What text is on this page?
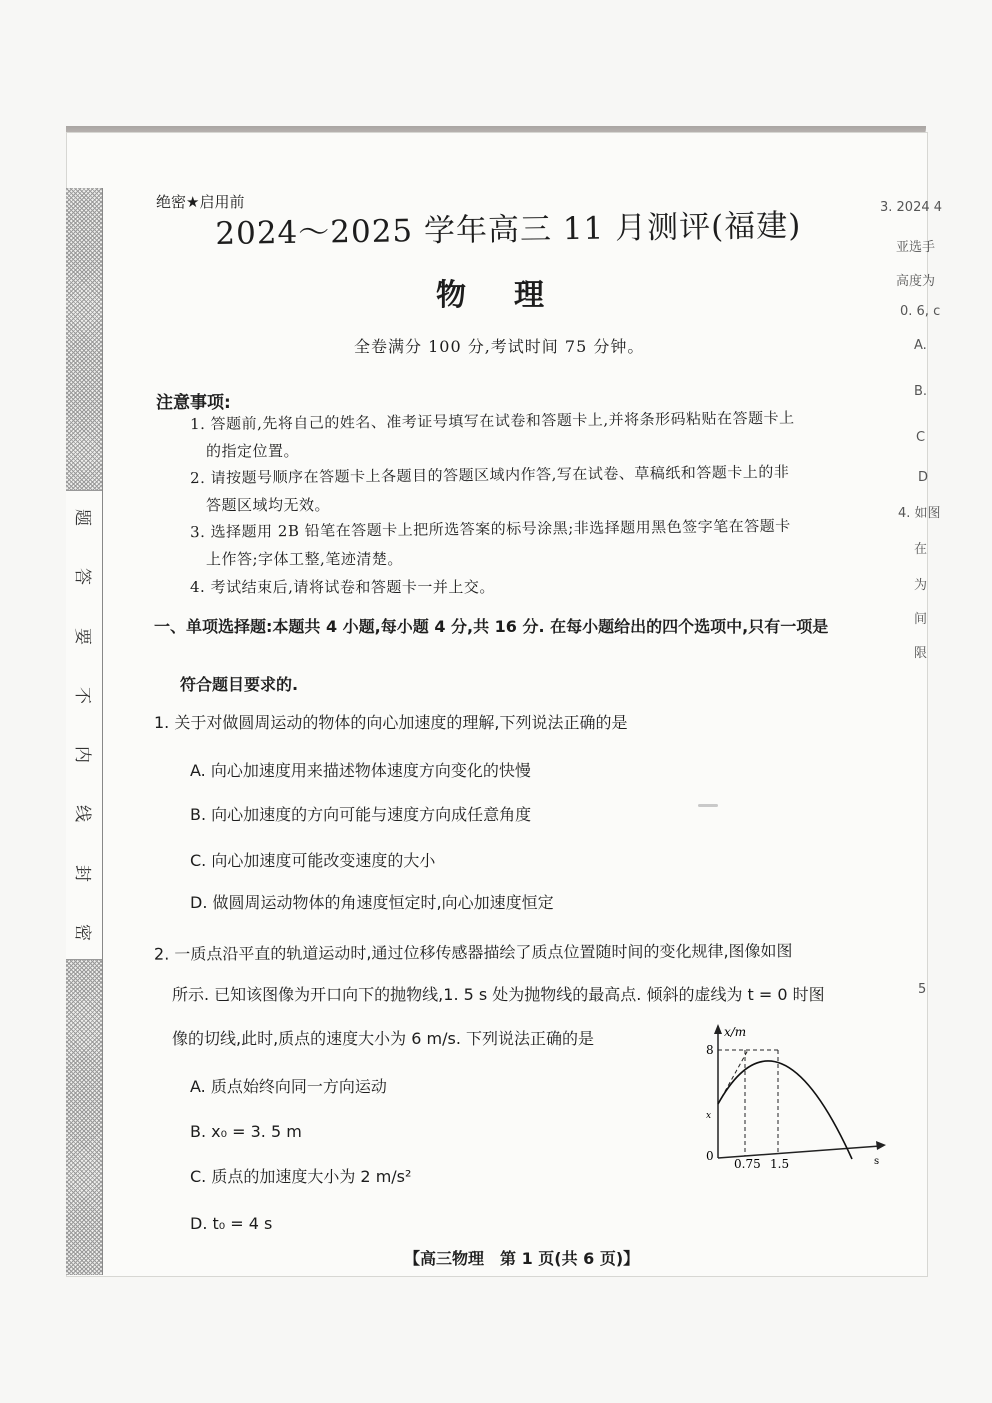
题
答
要
不
内
线
封
密
绝密★启用前
2024～2025 学年高三 11 月测评(福建)
物理
全卷满分 100 分,考试时间 75 分钟。
注意事项:
1. 答题前,先将自己的姓名、准考证号填写在试卷和答题卡上,并将条形码粘贴在答题卡上
的指定位置。
2. 请按题号顺序在答题卡上各题目的答题区域内作答,写在试卷、草稿纸和答题卡上的非
答题区域均无效。
3. 选择题用 2B 铅笔在答题卡上把所选答案的标号涂黑;非选择题用黑色签字笔在答题卡
上作答;字体工整,笔迹清楚。
4. 考试结束后,请将试卷和答题卡一并上交。
一、单项选择题:本题共 4 小题,每小题 4 分,共 16 分. 在每小题给出的四个选项中,只有一项是
符合题目要求的.
1. 关于对做圆周运动的物体的向心加速度的理解,下列说法正确的是
A. 向心加速度用来描述物体速度方向变化的快慢
B. 向心加速度的方向可能与速度方向成任意角度
C. 向心加速度可能改变速度的大小
D. 做圆周运动物体的角速度恒定时,向心加速度恒定
2. 一质点沿平直的轨道运动时,通过位移传感器描绘了质点位置随时间的变化规律,图像如图
所示. 已知该图像为开口向下的抛物线,1. 5 s 处为抛物线的最高点. 倾斜的虚线为 t = 0 时图
像的切线,此时,质点的速度大小为 6 m/s. 下列说法正确的是
A. 质点始终向同一方向运动
B. x₀ = 3. 5 m
C. 质点的加速度大小为 2 m/s²
D. t₀ = 4 s
x/m
8
x
0
0.75 1.5	s
3. 2024 4
亚选手
高度为
0. 6, c
A.
B.
C
D
4. 如图
在
为
间
限
5
【高三物理　第 1 页(共 6 页)】
